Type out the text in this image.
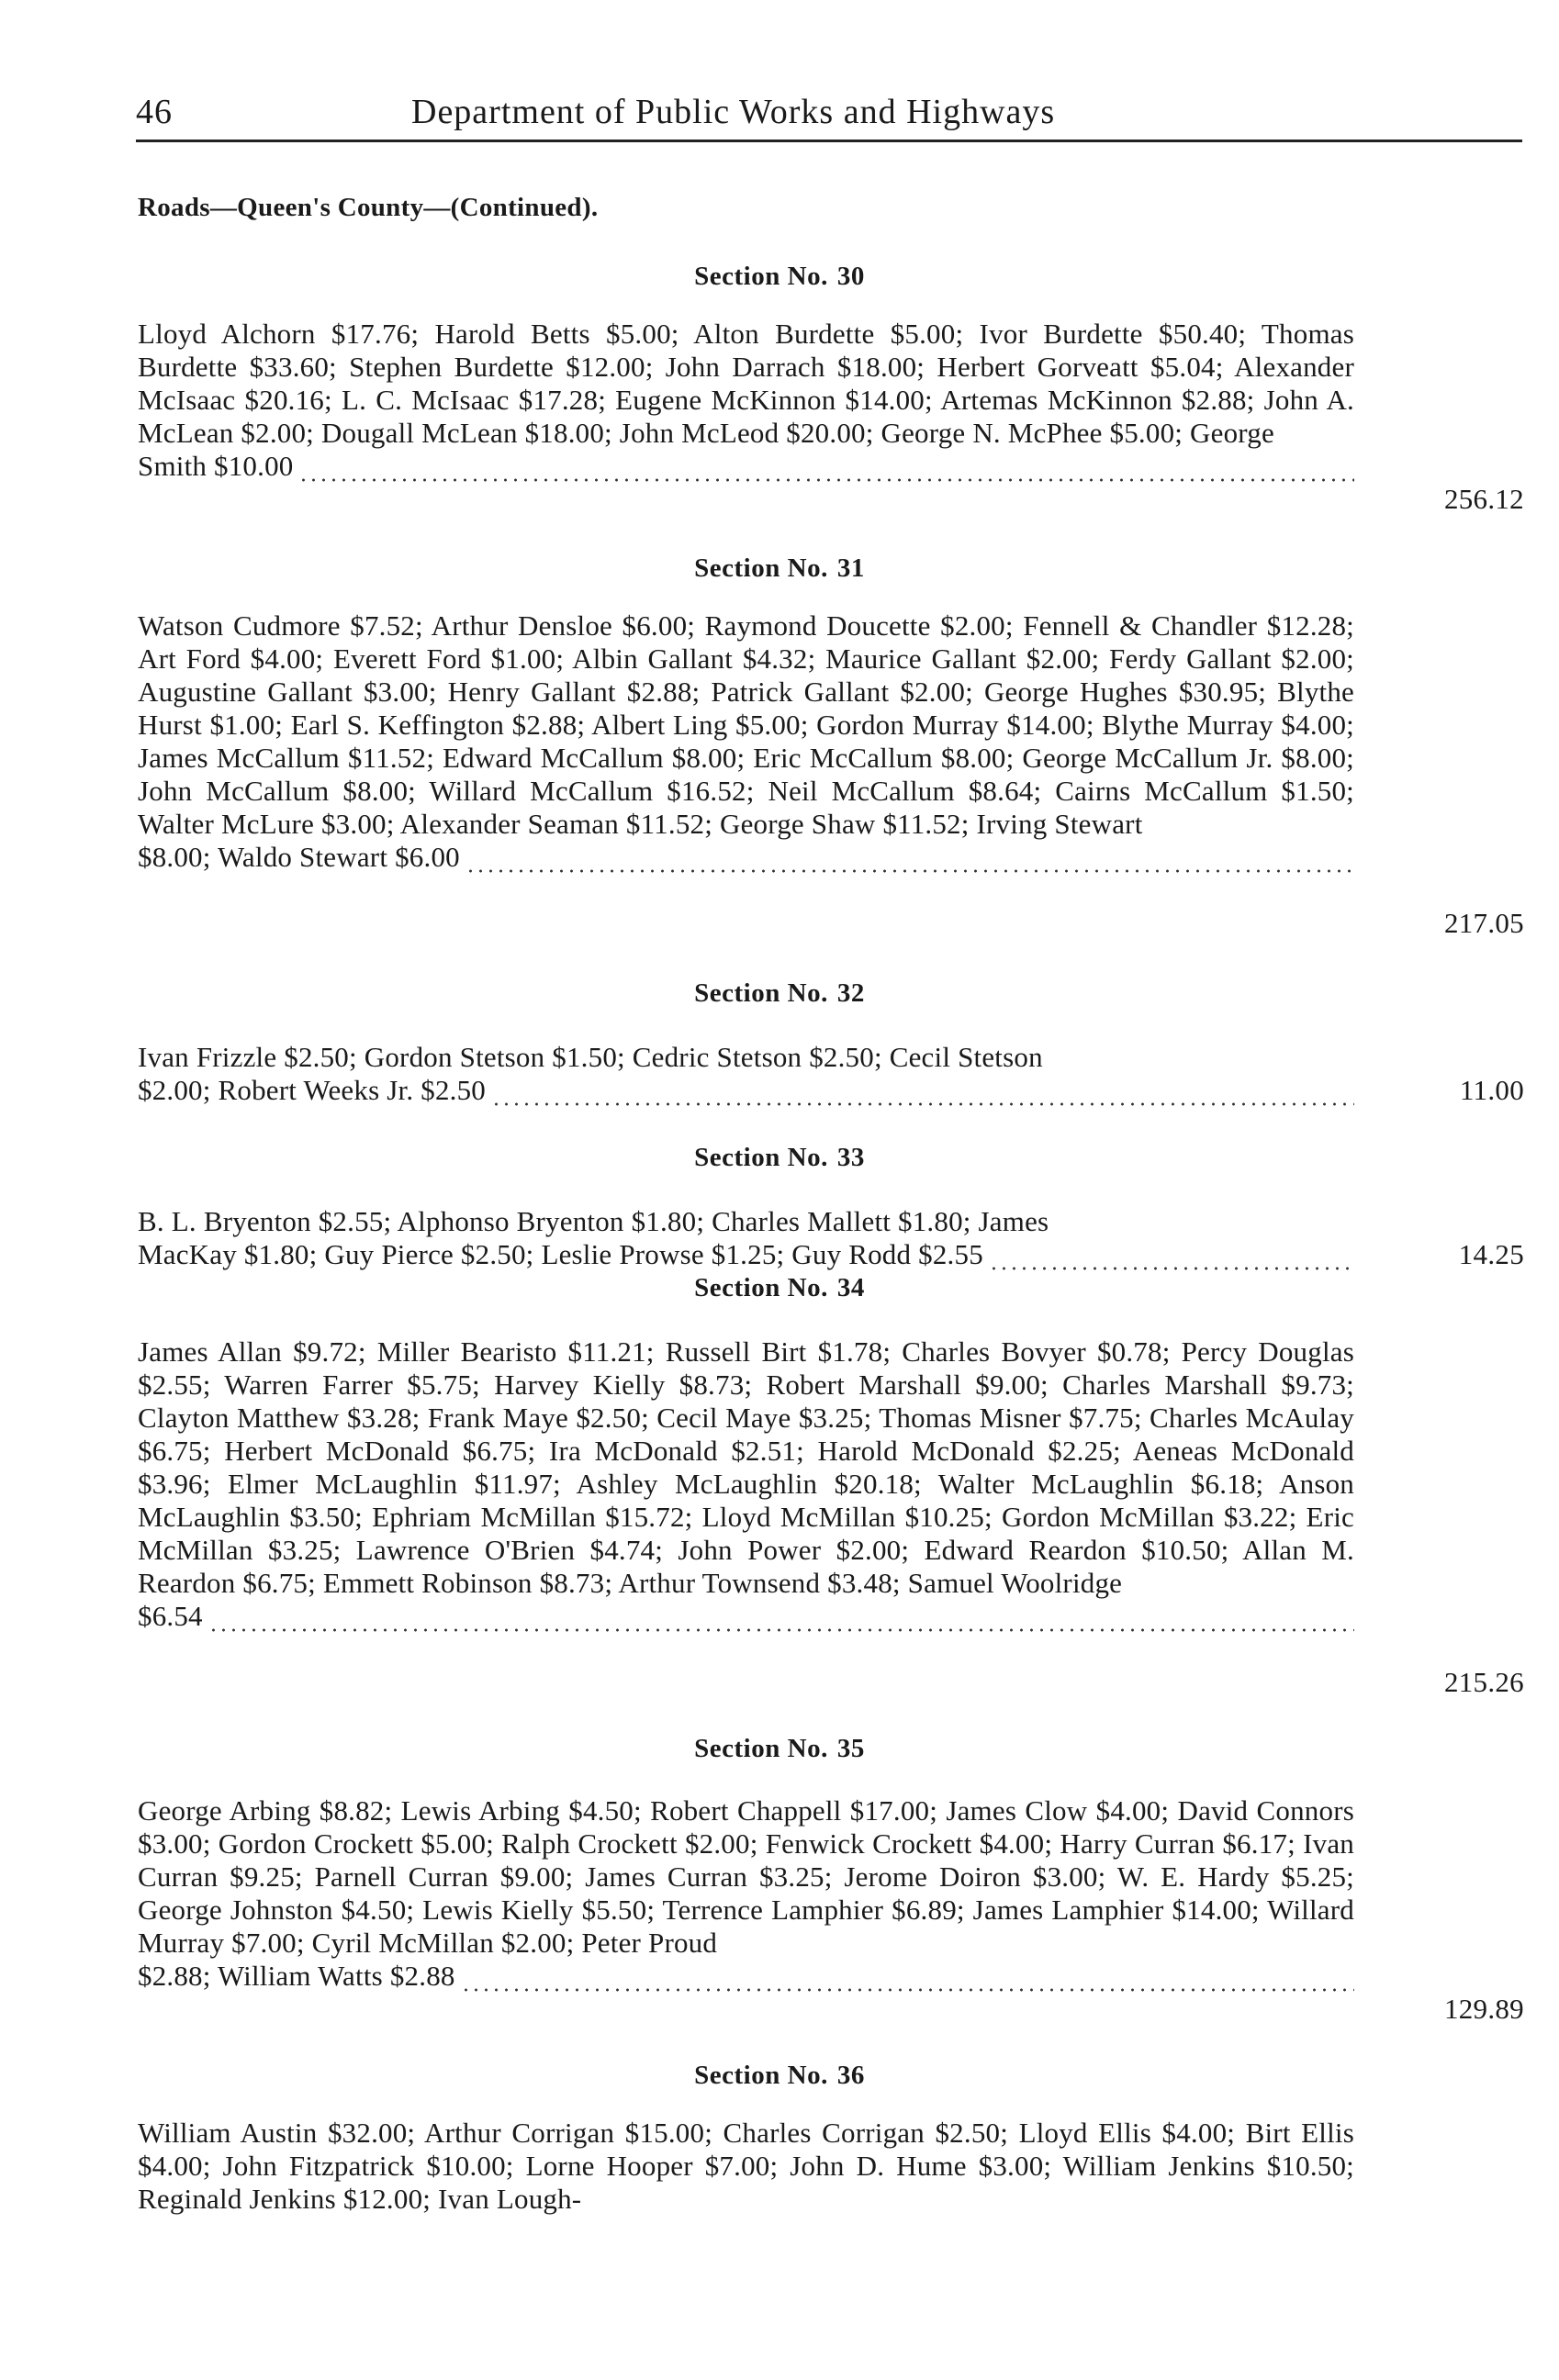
46	Department of Public Works and Highways
Roads—Queen's County—(Continued).
Section No. 30
Lloyd Alchorn $17.76; Harold Betts $5.00; Alton Burdette $5.00; Ivor Burdette $50.40; Thomas Burdette $33.60; Stephen Burdette $12.00; John Darrach $18.00; Herbert Gorveatt $5.04; Alexander McIsaac $20.16; L. C. McIsaac $17.28; Eugene McKinnon $14.00; Artemas McKinnon $2.88; John A. McLean $2.00; Dougall McLean $18.00; John McLeod $20.00; George N. McPhee $5.00; George
Smith $10.00
256.12
Section No. 31
Watson Cudmore $7.52; Arthur Densloe $6.00; Raymond Doucette $2.00; Fennell & Chandler $12.28; Art Ford $4.00; Everett Ford $1.00; Albin Gallant $4.32; Maurice Gallant $2.00; Ferdy Gallant $2.00; Augustine Gallant $3.00; Henry Gallant $2.88; Patrick Gallant $2.00; George Hughes $30.95; Blythe Hurst $1.00; Earl S. Keffington $2.88; Albert Ling $5.00; Gordon Murray $14.00; Blythe Murray $4.00; James McCallum $11.52; Edward McCallum $8.00; Eric McCallum $8.00; George McCallum Jr. $8.00; John McCallum $8.00; Willard McCallum $16.52; Neil McCallum $8.64; Cairns McCallum $1.50; Walter McLure $3.00; Alexander Seaman $11.52; George Shaw $11.52; Irving Stewart
$8.00; Waldo Stewart $6.00
217.05
Section No. 32
Ivan Frizzle $2.50; Gordon Stetson $1.50; Cedric Stetson $2.50; Cecil Stetson
$2.00; Robert Weeks Jr. $2.50	11.00
Section No. 33
B. L. Bryenton $2.55; Alphonso Bryenton $1.80; Charles Mallett $1.80; James
MacKay $1.80; Guy Pierce $2.50; Leslie Prowse $1.25; Guy Rodd $2.55	14.25
Section No. 34
James Allan $9.72; Miller Bearisto $11.21; Russell Birt $1.78; Charles Bovyer $0.78; Percy Douglas $2.55; Warren Farrer $5.75; Harvey Kielly $8.73; Robert Marshall $9.00; Charles Marshall $9.73; Clayton Matthew $3.28; Frank Maye $2.50; Cecil Maye $3.25; Thomas Misner $7.75; Charles McAulay $6.75; Herbert McDonald $6.75; Ira McDonald $2.51; Harold McDonald $2.25; Aeneas McDonald $3.96; Elmer McLaughlin $11.97; Ashley McLaughlin $20.18; Walter McLaughlin $6.18; Anson McLaughlin $3.50; Ephriam McMillan $15.72; Lloyd McMillan $10.25; Gordon McMillan $3.22; Eric McMillan $3.25; Lawrence O'Brien $4.74; John Power $2.00; Edward Reardon $10.50; Allan M. Reardon $6.75; Emmett Robinson $8.73; Arthur Townsend $3.48; Samuel Woolridge
$6.54
215.26
Section No. 35
George Arbing $8.82; Lewis Arbing $4.50; Robert Chappell $17.00; James Clow $4.00; David Connors $3.00; Gordon Crockett $5.00; Ralph Crockett $2.00; Fenwick Crockett $4.00; Harry Curran $6.17; Ivan Curran $9.25; Parnell Curran $9.00; James Curran $3.25; Jerome Doiron $3.00; W. E. Hardy $5.25; George Johnston $4.50; Lewis Kielly $5.50; Terrence Lamphier $6.89; James Lamphier $14.00; Willard Murray $7.00; Cyril McMillan $2.00; Peter Proud
$2.88; William Watts $2.88
129.89
Section No. 36
William Austin $32.00; Arthur Corrigan $15.00; Charles Corrigan $2.50; Lloyd Ellis $4.00; Birt Ellis $4.00; John Fitzpatrick $10.00; Lorne Hooper $7.00; John D. Hume $3.00; William Jenkins $10.50; Reginald Jenkins $12.00; Ivan Lough-
